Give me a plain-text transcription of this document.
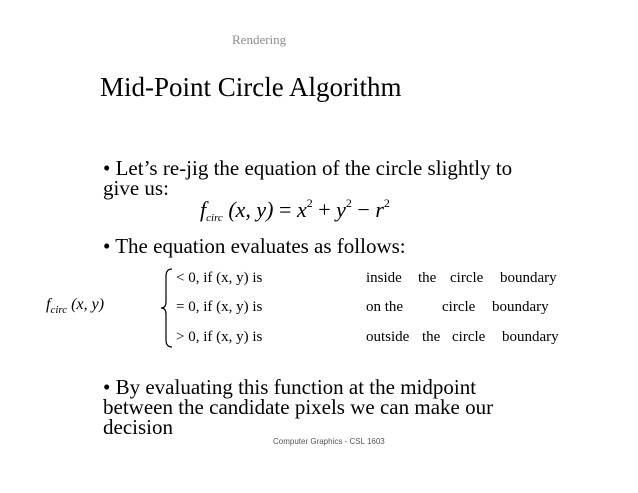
Rendering
Mid-Point Circle Algorithm
• Let’s re-jig the equation of the circle slightly to
give us:
$f_{circ}$ (x, $y) = x^2 + y^2 - r^2$
• The equation evaluates as follows:
$f_{circ}$ (x, y)
< 0, if (x, y) is	inside the circle boundary
= 0, if (x, y) is	on the	circle boundary
> 0, if (x, y) is	outside the circle boundary
• By evaluating this function at the midpoint
between the candidate pixels we can make our
decision
Computer Graphics - CSL 1603
